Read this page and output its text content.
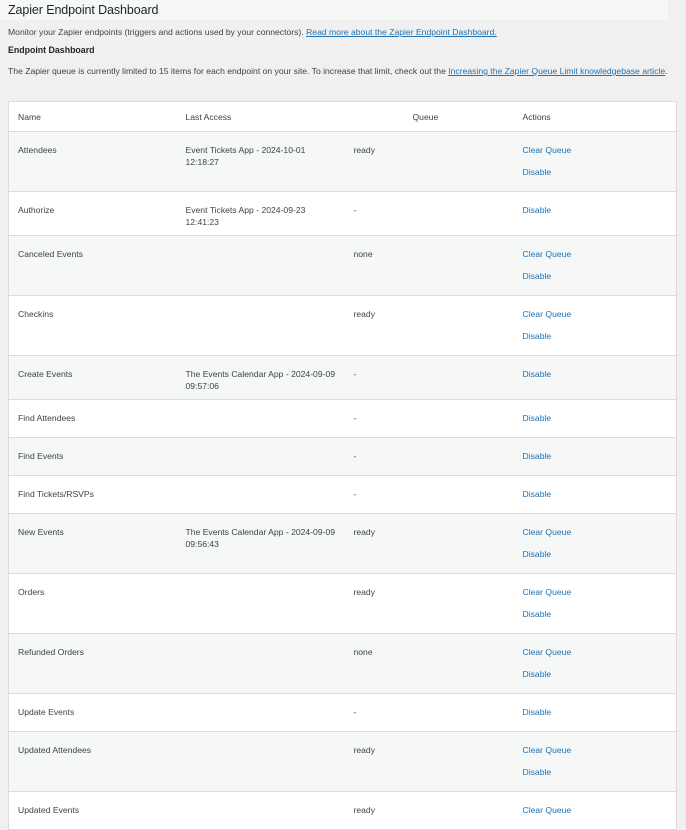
Zapier Endpoint Dashboard
Monitor your Zapier endpoints (triggers and actions used by your connectors). Read more about the Zapier Endpoint Dashboard.
Endpoint Dashboard
The Zapier queue is currently limited to 15 items for each endpoint on your site. To increase that limit, check out the Increasing the Zapier Queue Limit knowledgebase article.
Name	Last Access	Queue	Actions
Attendees	Event Tickets App - 2024-10-01 12:18:27	ready	Clear Queue
Disable

Authorize	Event Tickets App - 2024-09-23 12:41:23	-	Disable

Canceled Events		none	Clear Queue
Disable

Checkins		ready	Clear Queue
Disable

Create Events	The Events Calendar App - 2024-09-09 09:57:06	-	Disable

Find Attendees		-	Disable

Find Events		-	Disable

Find Tickets/RSVPs		-	Disable

New Events	The Events Calendar App - 2024-09-09 09:56:43	ready	Clear Queue
Disable

Orders		ready	Clear Queue
Disable

Refunded Orders		none	Clear Queue
Disable

Update Events		-	Disable

Updated Attendees		ready	Clear Queue
Disable

Updated Events		ready	Clear Queue
